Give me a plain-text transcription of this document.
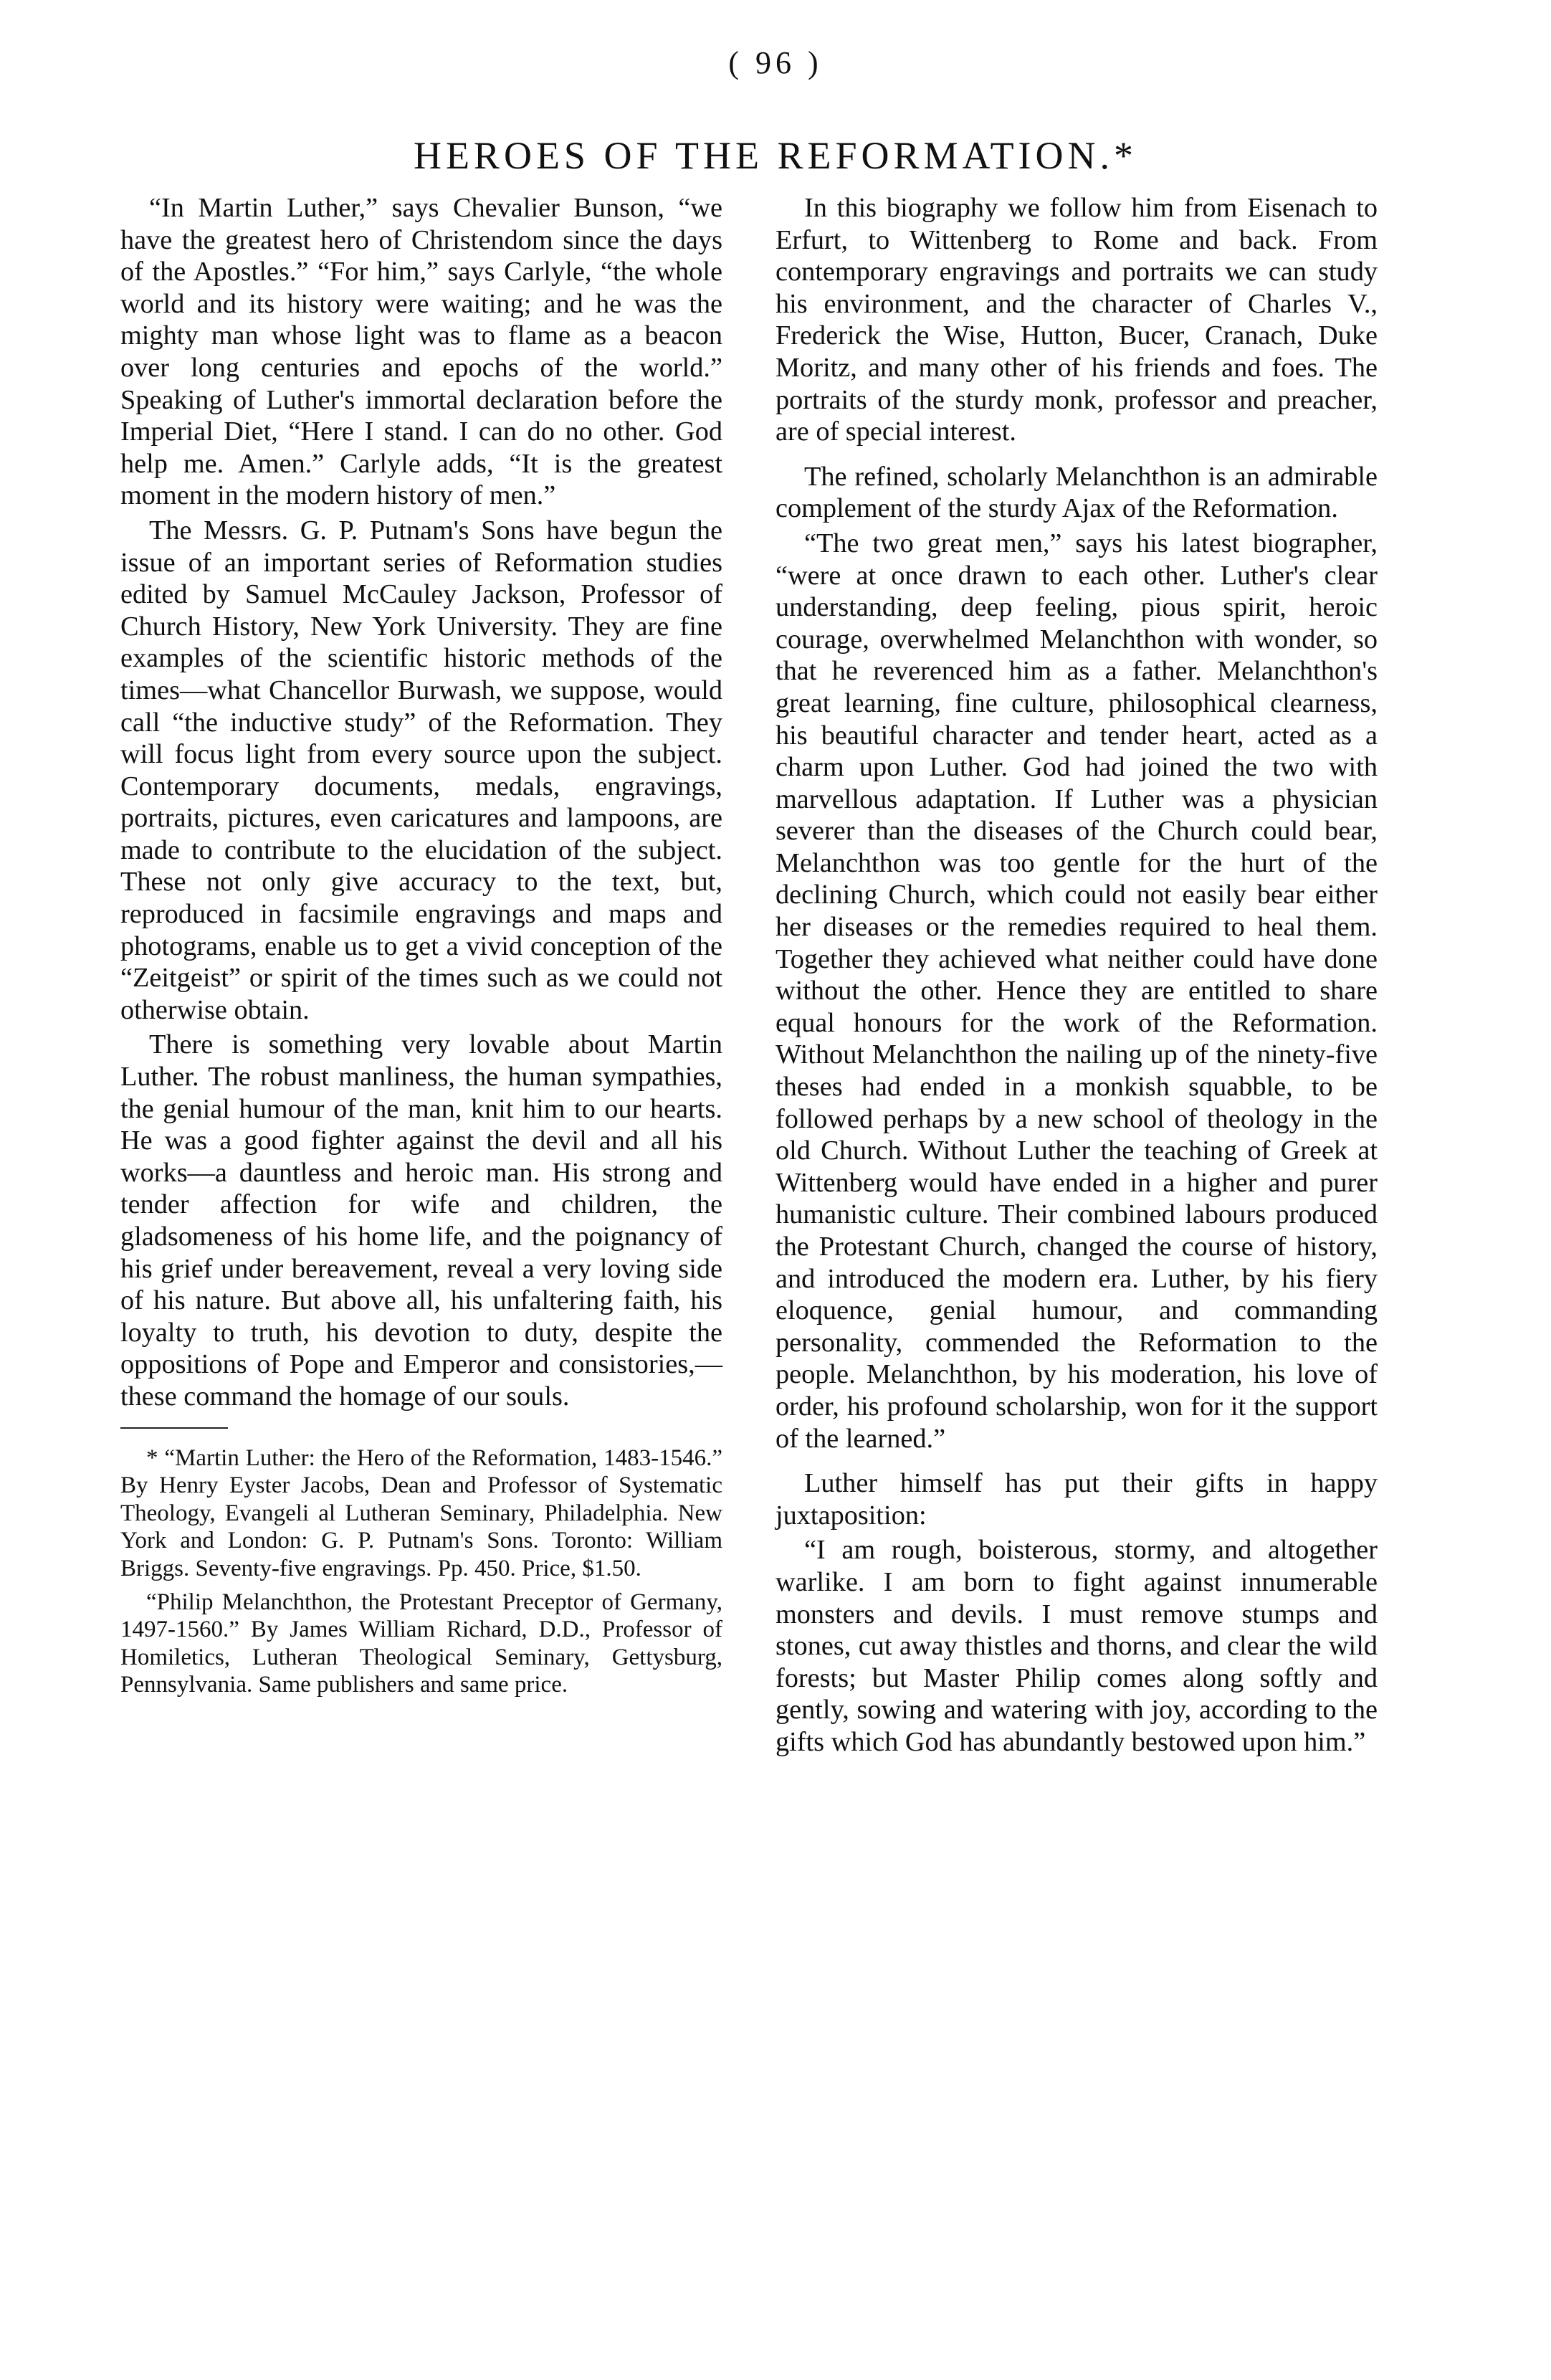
( 96 )
HEROES OF THE REFORMATION.*

“In Martin Luther,” says Chevalier Bunson, “we have the greatest hero of Christendom since the days of the Apostles.” “For him,” says Carlyle, “the whole world and its history were waiting; and he was the mighty man whose light was to flame as a beacon over long centuries and epochs of the world.” Speaking of Luther's immortal declaration before the Imperial Diet, “Here I stand. I can do no other. God help me. Amen.” Carlyle adds, “It is the greatest moment in the modern history of men.”

The Messrs. G. P. Putnam's Sons have begun the issue of an important series of Reformation studies edited by Samuel McCauley Jackson, Professor of Church History, New York University. They are fine examples of the scientific historic methods of the times—what Chancellor Burwash, we suppose, would call “the inductive study” of the Reformation. They will focus light from every source upon the subject. Contemporary documents, medals, engravings, portraits, pictures, even caricatures and lampoons, are made to contribute to the elucidation of the subject. These not only give accuracy to the text, but, reproduced in facsimile engravings and maps and photograms, enable us to get a vivid conception of the “Zeitgeist” or spirit of the times such as we could not otherwise obtain.

There is something very lovable about Martin Luther. The robust manliness, the human sympathies, the genial humour of the man, knit him to our hearts. He was a good fighter against the devil and all his works—a dauntless and heroic man. His strong and tender affection for wife and children, the gladsomeness of his home life, and the poignancy of his grief under bereavement, reveal a very loving side of his nature. But above all, his unfaltering faith, his loyalty to truth, his devotion to duty, despite the oppositions of Pope and Emperor and consistories,—these command the homage of our souls.

* “Martin Luther: the Hero of the Reformation, 1483-1546.” By Henry Eyster Jacobs, Dean and Professor of Systematic Theology, Evangeli al Lutheran Seminary, Philadelphia. New York and London: G. P. Putnam's Sons. Toronto: William Briggs. Seventy-five engravings. Pp. 450. Price, $1.50.

“Philip Melanchthon, the Protestant Preceptor of Germany, 1497-1560.” By James William Richard, D.D., Professor of Homiletics, Lutheran Theological Seminary, Gettysburg, Pennsylvania. Same publishers and same price.

In this biography we follow him from Eisenach to Erfurt, to Wittenberg to Rome and back. From contemporary engravings and portraits we can study his environment, and the character of Charles V., Frederick the Wise, Hutton, Bucer, Cranach, Duke Moritz, and many other of his friends and foes. The portraits of the sturdy monk, professor and preacher, are of special interest.

The refined, scholarly Melanchthon is an admirable complement of the sturdy Ajax of the Reformation.

“The two great men,” says his latest biographer, “were at once drawn to each other. Luther's clear understanding, deep feeling, pious spirit, heroic courage, overwhelmed Melanchthon with wonder, so that he reverenced him as a father. Melanchthon's great learning, fine culture, philosophical clearness, his beautiful character and tender heart, acted as a charm upon Luther. God had joined the two with marvellous adaptation. If Luther was a physician severer than the diseases of the Church could bear, Melanchthon was too gentle for the hurt of the declining Church, which could not easily bear either her diseases or the remedies required to heal them. Together they achieved what neither could have done without the other. Hence they are entitled to share equal honours for the work of the Reformation. Without Melanchthon the nailing up of the ninety-five theses had ended in a monkish squabble, to be followed perhaps by a new school of theology in the old Church. Without Luther the teaching of Greek at Wittenberg would have ended in a higher and purer humanistic culture. Their combined labours produced the Protestant Church, changed the course of history, and introduced the modern era. Luther, by his fiery eloquence, genial humour, and commanding personality, commended the Reformation to the people. Melanchthon, by his moderation, his love of order, his profound scholarship, won for it the support of the learned.”

Luther himself has put their gifts in happy juxtaposition:

“I am rough, boisterous, stormy, and altogether warlike. I am born to fight against innumerable monsters and devils. I must remove stumps and stones, cut away thistles and thorns, and clear the wild forests; but Master Philip comes along softly and gently, sowing and watering with joy, according to the gifts which God has abundantly bestowed upon him.”
